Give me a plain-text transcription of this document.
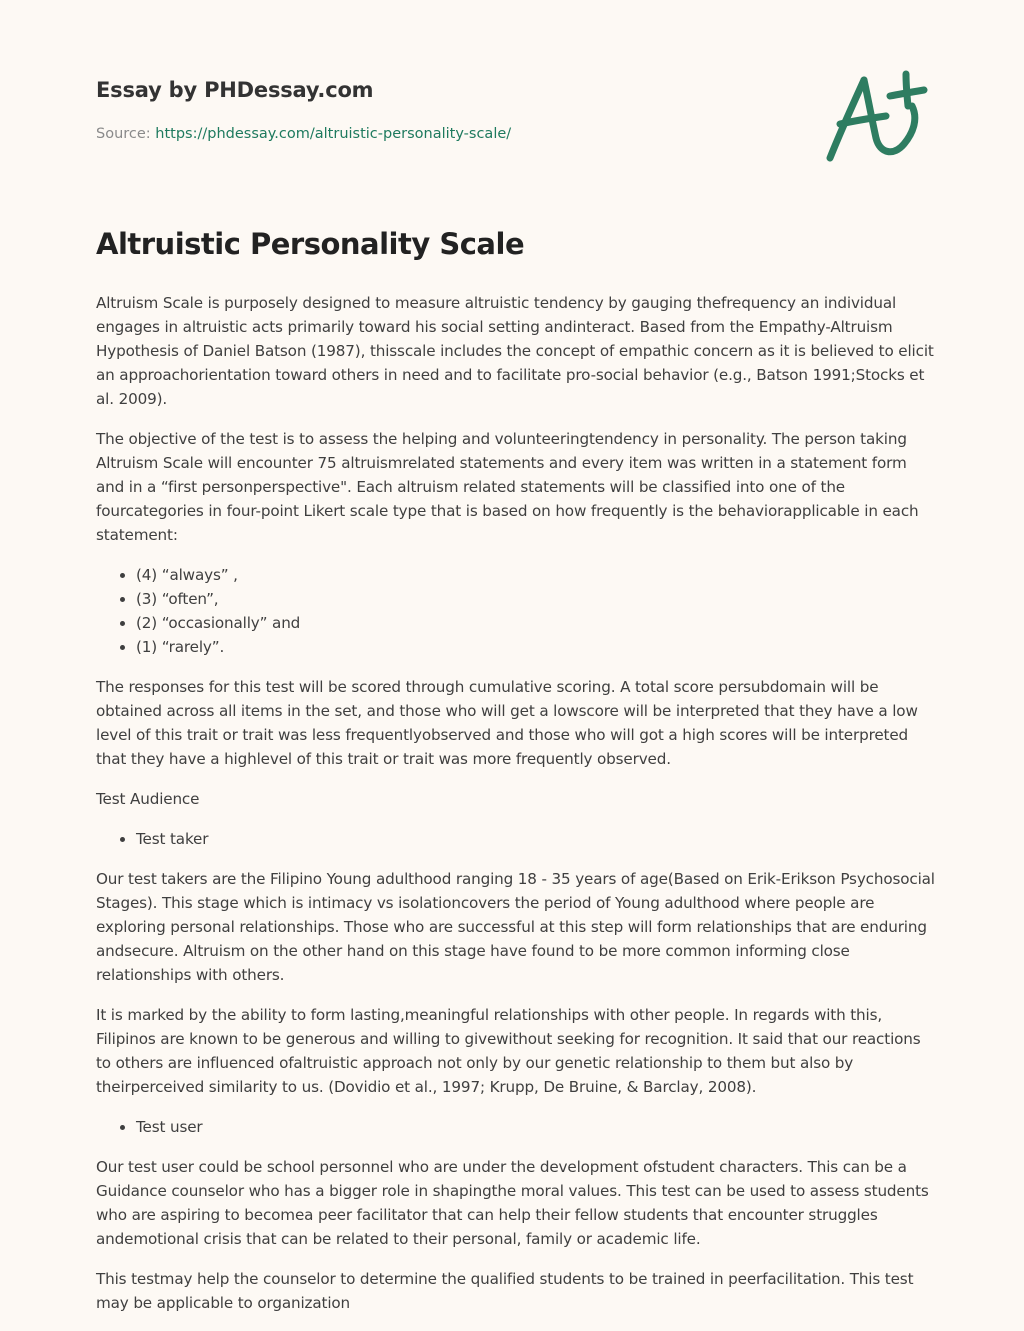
Essay by PHDessay.com
Source: https://phdessay.com/altruistic-personality-scale/
Altruistic Personality Scale

Altruism Scale is purposely designed to measure altruistic tendency by gauging thefrequency an individual engages in altruistic acts primarily toward his social setting andinteract. Based from the Empathy-Altruism Hypothesis of Daniel Batson (1987), thisscale includes the concept of empathic concern as it is believed to elicit an approachorientation toward others in need and to facilitate pro-social behavior (e.g., Batson 1991;Stocks et al. 2009).

The objective of the test is to assess the helping and volunteeringtendency in personality. The person taking Altruism Scale will encounter 75 altruismrelated statements and every item was written in a statement form and in a “first personperspective". Each altruism related statements will be classified into one of the fourcategories in four-point Likert scale type that is based on how frequently is the behaviorapplicable in each statement:

• (4) “always” ,
• (3) “often”,
• (2) “occasionally” and
• (1) “rarely”.

The responses for this test will be scored through cumulative scoring. A total score persubdomain will be obtained across all items in the set, and those who will get a lowscore will be interpreted that they have a low level of this trait or trait was less frequentlyobserved and those who will got a high scores will be interpreted that they have a highlevel of this trait or trait was more frequently observed.

Test Audience

• Test taker

Our test takers are the Filipino Young adulthood ranging 18 - 35 years of age(Based on Erik-Erikson Psychosocial Stages). This stage which is intimacy vs isolationcovers the period of Young adulthood where people are exploring personal relationships. Those who are successful at this step will form relationships that are enduring andsecure. Altruism on the other hand on this stage have found to be more common informing close relationships with others.

It is marked by the ability to form lasting,meaningful relationships with other people. In regards with this, Filipinos are known to be generous and willing to givewithout seeking for recognition. It said that our reactions to others are influenced ofaltruistic approach not only by our genetic relationship to them but also by theirperceived similarity to us. (Dovidio et al., 1997; Krupp, De Bruine, & Barclay, 2008).

• Test user

Our test user could be school personnel who are under the development ofstudent characters. This can be a Guidance counselor who has a bigger role in shapingthe moral values. This test can be used to assess students who are aspiring to becomea peer facilitator that can help their fellow students that encounter struggles andemotional crisis that can be related to their personal, family or academic life.

This testmay help the counselor to determine the qualified students to be trained in peerfacilitation. This test may be applicable to organization
